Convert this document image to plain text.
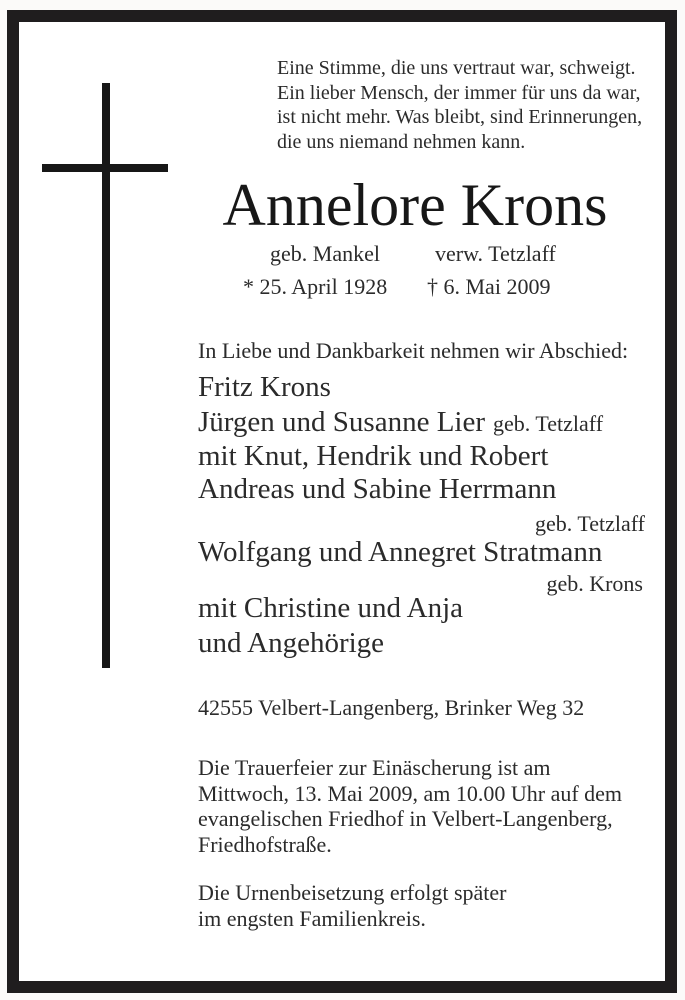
Eine Stimme, die uns vertraut war, schweigt.
Ein lieber Mensch, der immer für uns da war,
ist nicht mehr. Was bleibt, sind Erinnerungen,
die uns niemand nehmen kann.
Annelore Krons
geb. Mankel	verw. Tetzlaff
* 25. April 1928 † 6. Mai 2009
In Liebe und Dankbarkeit nehmen wir Abschied:
Fritz Krons
Jürgen und Susanne Lier geb. Tetzlaff
mit Knut, Hendrik und Robert
Andreas und Sabine Herrmann
geb. Tetzlaff
Wolfgang und Annegret Stratmann
geb. Krons
mit Christine und Anja
und Angehörige
42555 Velbert-Langenberg, Brinker Weg 32
Die Trauerfeier zur Einäscherung ist am
Mittwoch, 13. Mai 2009, am 10.00 Uhr auf dem
evangelischen Friedhof in Velbert-Langenberg,
Friedhofstraße.
Die Urnenbeisetzung erfolgt später
im engsten Familienkreis.
